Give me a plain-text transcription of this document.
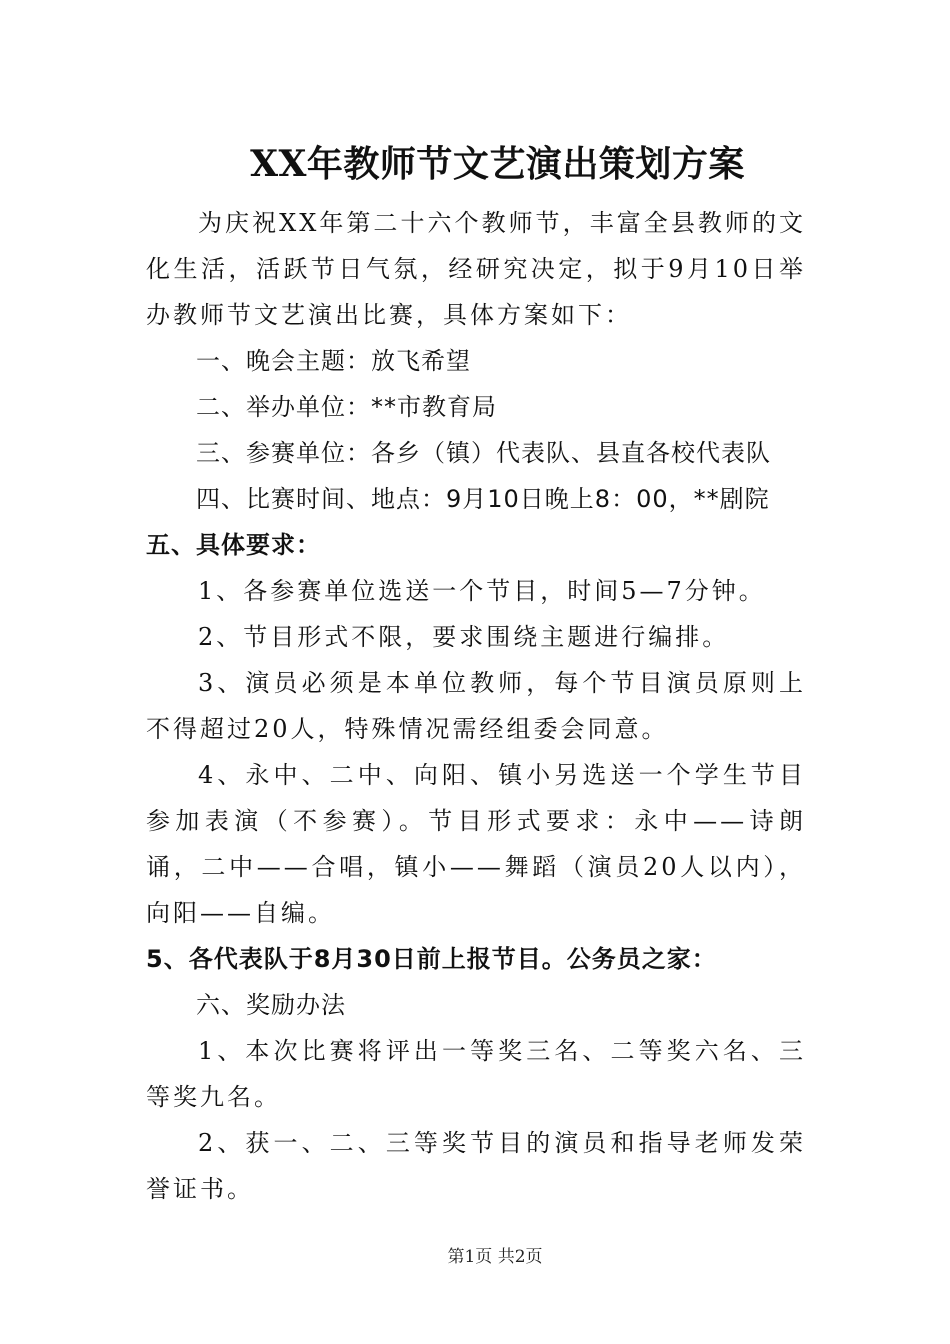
XX年教师节文艺演出策划方案

为庆祝XX年第二十六个教师节，丰富全县教师的文化生活，活跃节日气氛，经研究决定，拟于9月10日举办教师节文艺演出比赛，具体方案如下：

一、晚会主题：放飞希望

二、举办单位：**市教育局

三、参赛单位：各乡（镇）代表队、县直各校代表队

四、比赛时间、地点：9月10日晚上8：00，**剧院

五、具体要求：

1、各参赛单位选送一个节目，时间5—7分钟。

2、节目形式不限，要求围绕主题进行编排。

3、演员必须是本单位教师，每个节目演员原则上不得超过20人，特殊情况需经组委会同意。

4、永中、二中、向阳、镇小另选送一个学生节目参加表演（不参赛）。节目形式要求：永中——诗朗诵，二中——合唱，镇小——舞蹈（演员20人以内），向阳——自编。

5、各代表队于8月30日前上报节目。公务员之家：

六、奖励办法

1、本次比赛将评出一等奖三名、二等奖六名、三等奖九名。

2、获一、二、三等奖节目的演员和指导老师发荣誉证书。

第1页 共2页
